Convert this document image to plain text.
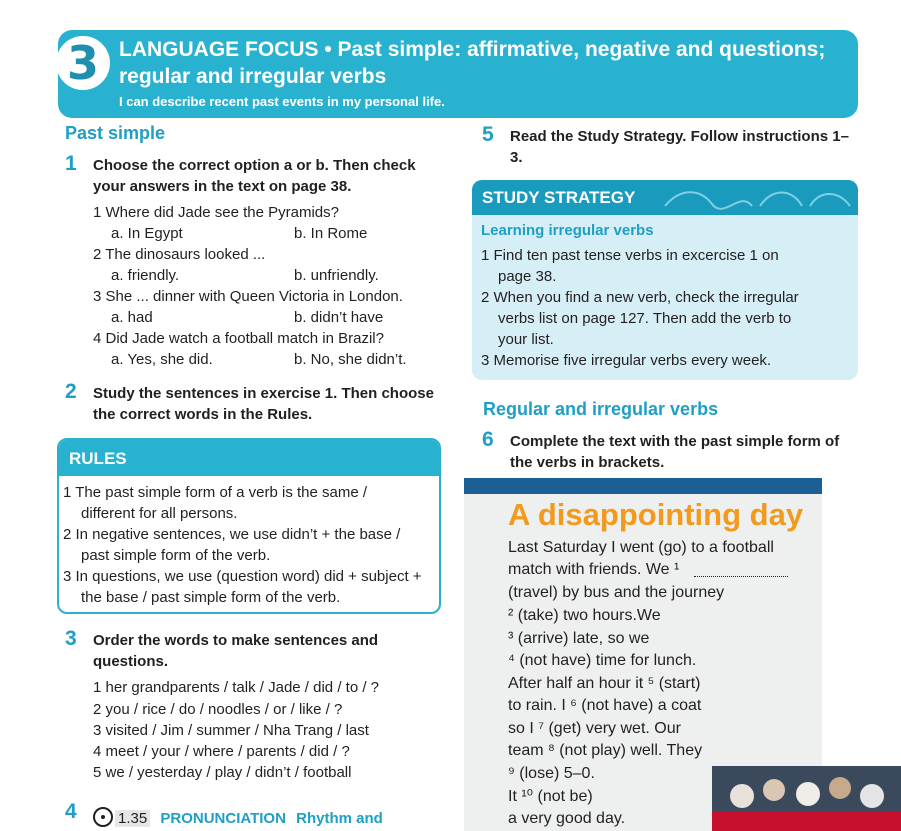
3 LANGUAGE FOCUS • Past simple: affirmative, negative and questions; regular and irregular verbs
I can describe recent past events in my personal life.
Past simple
1 Choose the correct option a or b. Then check your answers in the text on page 38.
1 Where did Jade see the Pyramids?
a. In Egypt	b. In Rome
2 The dinosaurs looked ...
a. friendly.	b. unfriendly.
3 She ... dinner with Queen Victoria in London.
a. had	b. didn’t have
4 Did Jade watch a football match in Brazil?
a. Yes, she did.	b. No, she didn’t.
2 Study the sentences in exercise 1. Then choose the correct words in the Rules.
RULES
1 The past simple form of a verb is the same / different for all persons.
2 In negative sentences, we use didn’t + the base / past simple form of the verb.
3 In questions, we use (question word) did + subject + the base / past simple form of the verb.
3 Order the words to make sentences and questions.
1 her grandparents / talk / Jade / did / to / ?
2 you / rice / do / noodles / or / like / ?
3 visited / Jim / summer / Nha Trang / last
4 meet / your / where / parents / did / ?
5 we / yesterday / play / didn’t / football
4	1.35 PRONUNCIATION Rhythm and
5 Read the Study Strategy. Follow instructions 1–3.
STUDY STRATEGY
Learning irregular verbs
1 Find ten past tense verbs in excercise 1 on
page 38.
2 When you find a new verb, check the irregular
verbs list on page 127. Then add the verb to
your list.
3 Memorise five irregular verbs every week.
Regular and irregular verbs
6 Complete the text with the past simple form of the verbs in brackets.
A disappointing day
Last Saturday I went (go) to a football
match with friends. We ¹
(travel) by bus and the journey
² (take) two hours.We
³ (arrive) late, so we
⁴ (not have) time for lunch.
After half an hour it ⁵ (start)
to rain. I ⁶ (not have) a coat
so I ⁷ (get) very wet. Our
team ⁸ (not play) well. They
⁹ (lose) 5–0.
It ¹⁰ (not be)
a very good day.
